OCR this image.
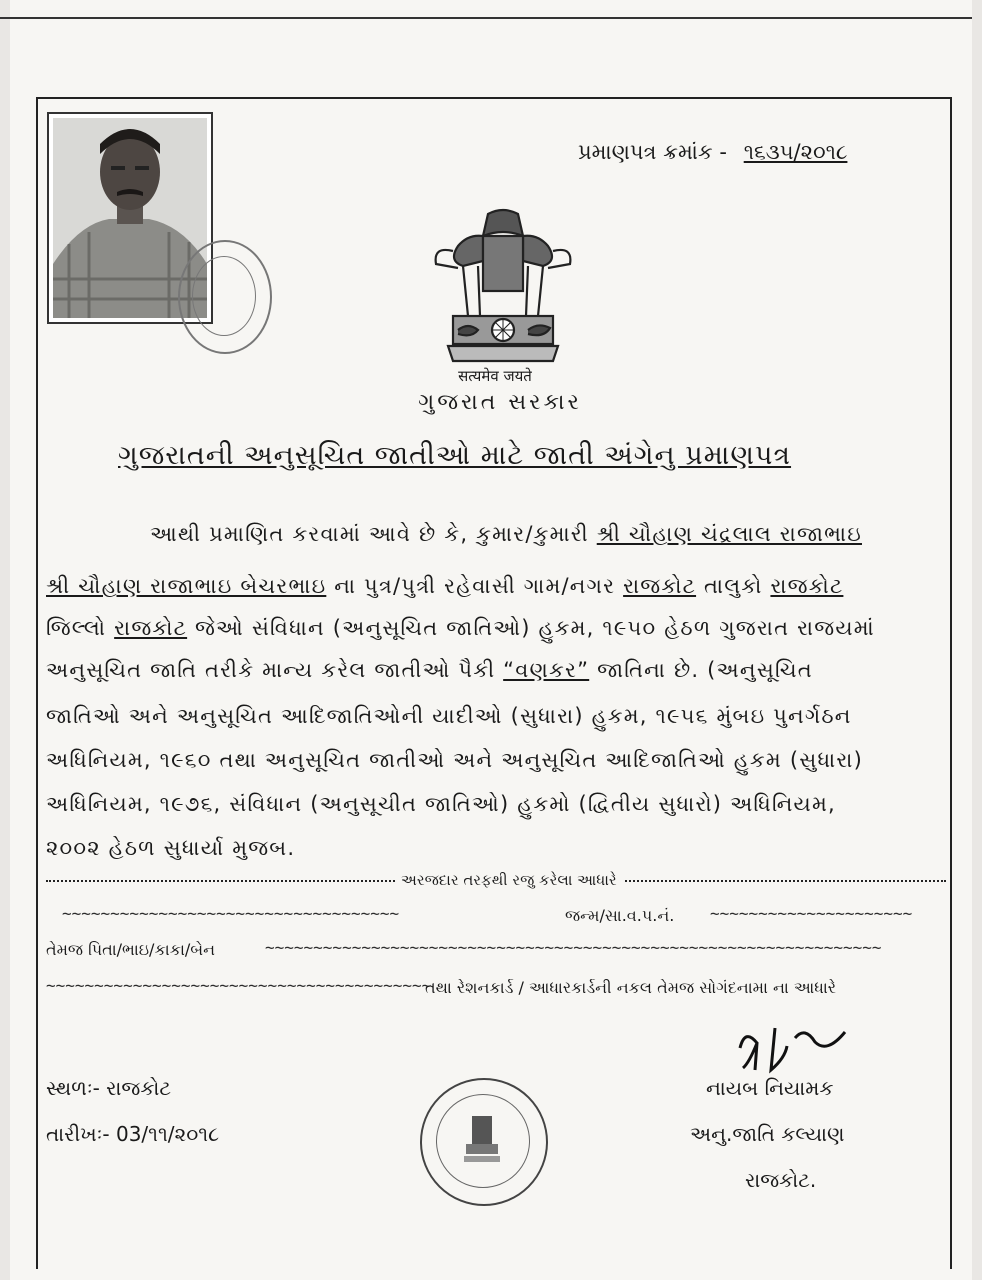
પ્રમાણપત્ર ક્રમાંક - ૧૬૩૫/૨૦૧૮
सत्यमेव जयते
ગુજરાત સરકાર
ગુજરાતની અનુસૂચિત જાતીઓ માટે જાતી અંગેનુ પ્રમાણપત્ર
આથી પ્રમાણિત કરવામાં આવે છે કે, કુમાર/કુમારી શ્રી ચૌહાણ ચંદ્રલાલ રાજાભાઇ
શ્રી ચૌહાણ રાજાભાઇ બેચરભાઇ ના પુત્ર/પુત્રી રહેવાસી ગામ/નગર રાજકોટ તાલુકો રાજકોટ
જિલ્લો રાજકોટ જેઓ સંવિધાન (અનુસૂચિત જાતિઓ) હુકમ, ૧૯૫૦ હેઠળ ગુજરાત રાજયમાં
અનુસૂચિત જાતિ તરીકે માન્ય કરેલ જાતીઓ પૈકી “વણકર” જાતિના છે. (અનુસૂચિત
જાતિઓ અને અનુસૂચિત આદિજાતિઓની યાદીઓ (સુધારા) હુકમ, ૧૯૫૬ મુંબઇ પુનર્ગઠન
અધિનિયમ, ૧૯૬૦ તથા અનુસૂચિત જાતીઓ અને અનુસૂચિત આદિજાતિઓ હુકમ (સુધારા)
અધિનિયમ, ૧૯૭૬, સંવિધાન (અનુસૂચીત જાતિઓ) હુકમો (દ્વિતીય સુધારો) અધિનિયમ,
૨૦૦૨ હેઠળ સુધાર્યા મુજબ.
અરજદાર તરફથી રજુ કરેલા આધારે
~~~~~~~~~~~~~~~~~~~~~~~~~~~~~~~~~~~	જન્મ/સા.વ.પ.નં. ~~~~~~~~~~~~~~~~~~~~~
તેમજ પિતા/ભાઇ/કાકા/બેન	~~~~~~~~~~~~~~~~~~~~~~~~~~~~~~~~~~~~~~~~~~~~~~~~~~~~~~~~~~~~~~~~
~~~~~~~~~~~~~~~~~~~~~~~~~~~~~~~~~~~~~~~~
તથા રેશનકાર્ડ / આધારકાર્ડની નકલ તેમજ સોગંદનામા ના આધારે
સ્થળઃ- રાજકોટ
તારીખઃ- 03/૧૧/૨૦૧૮
નાયબ નિયામક
અનુ.જાતિ કલ્યાણ
રાજકોટ.
